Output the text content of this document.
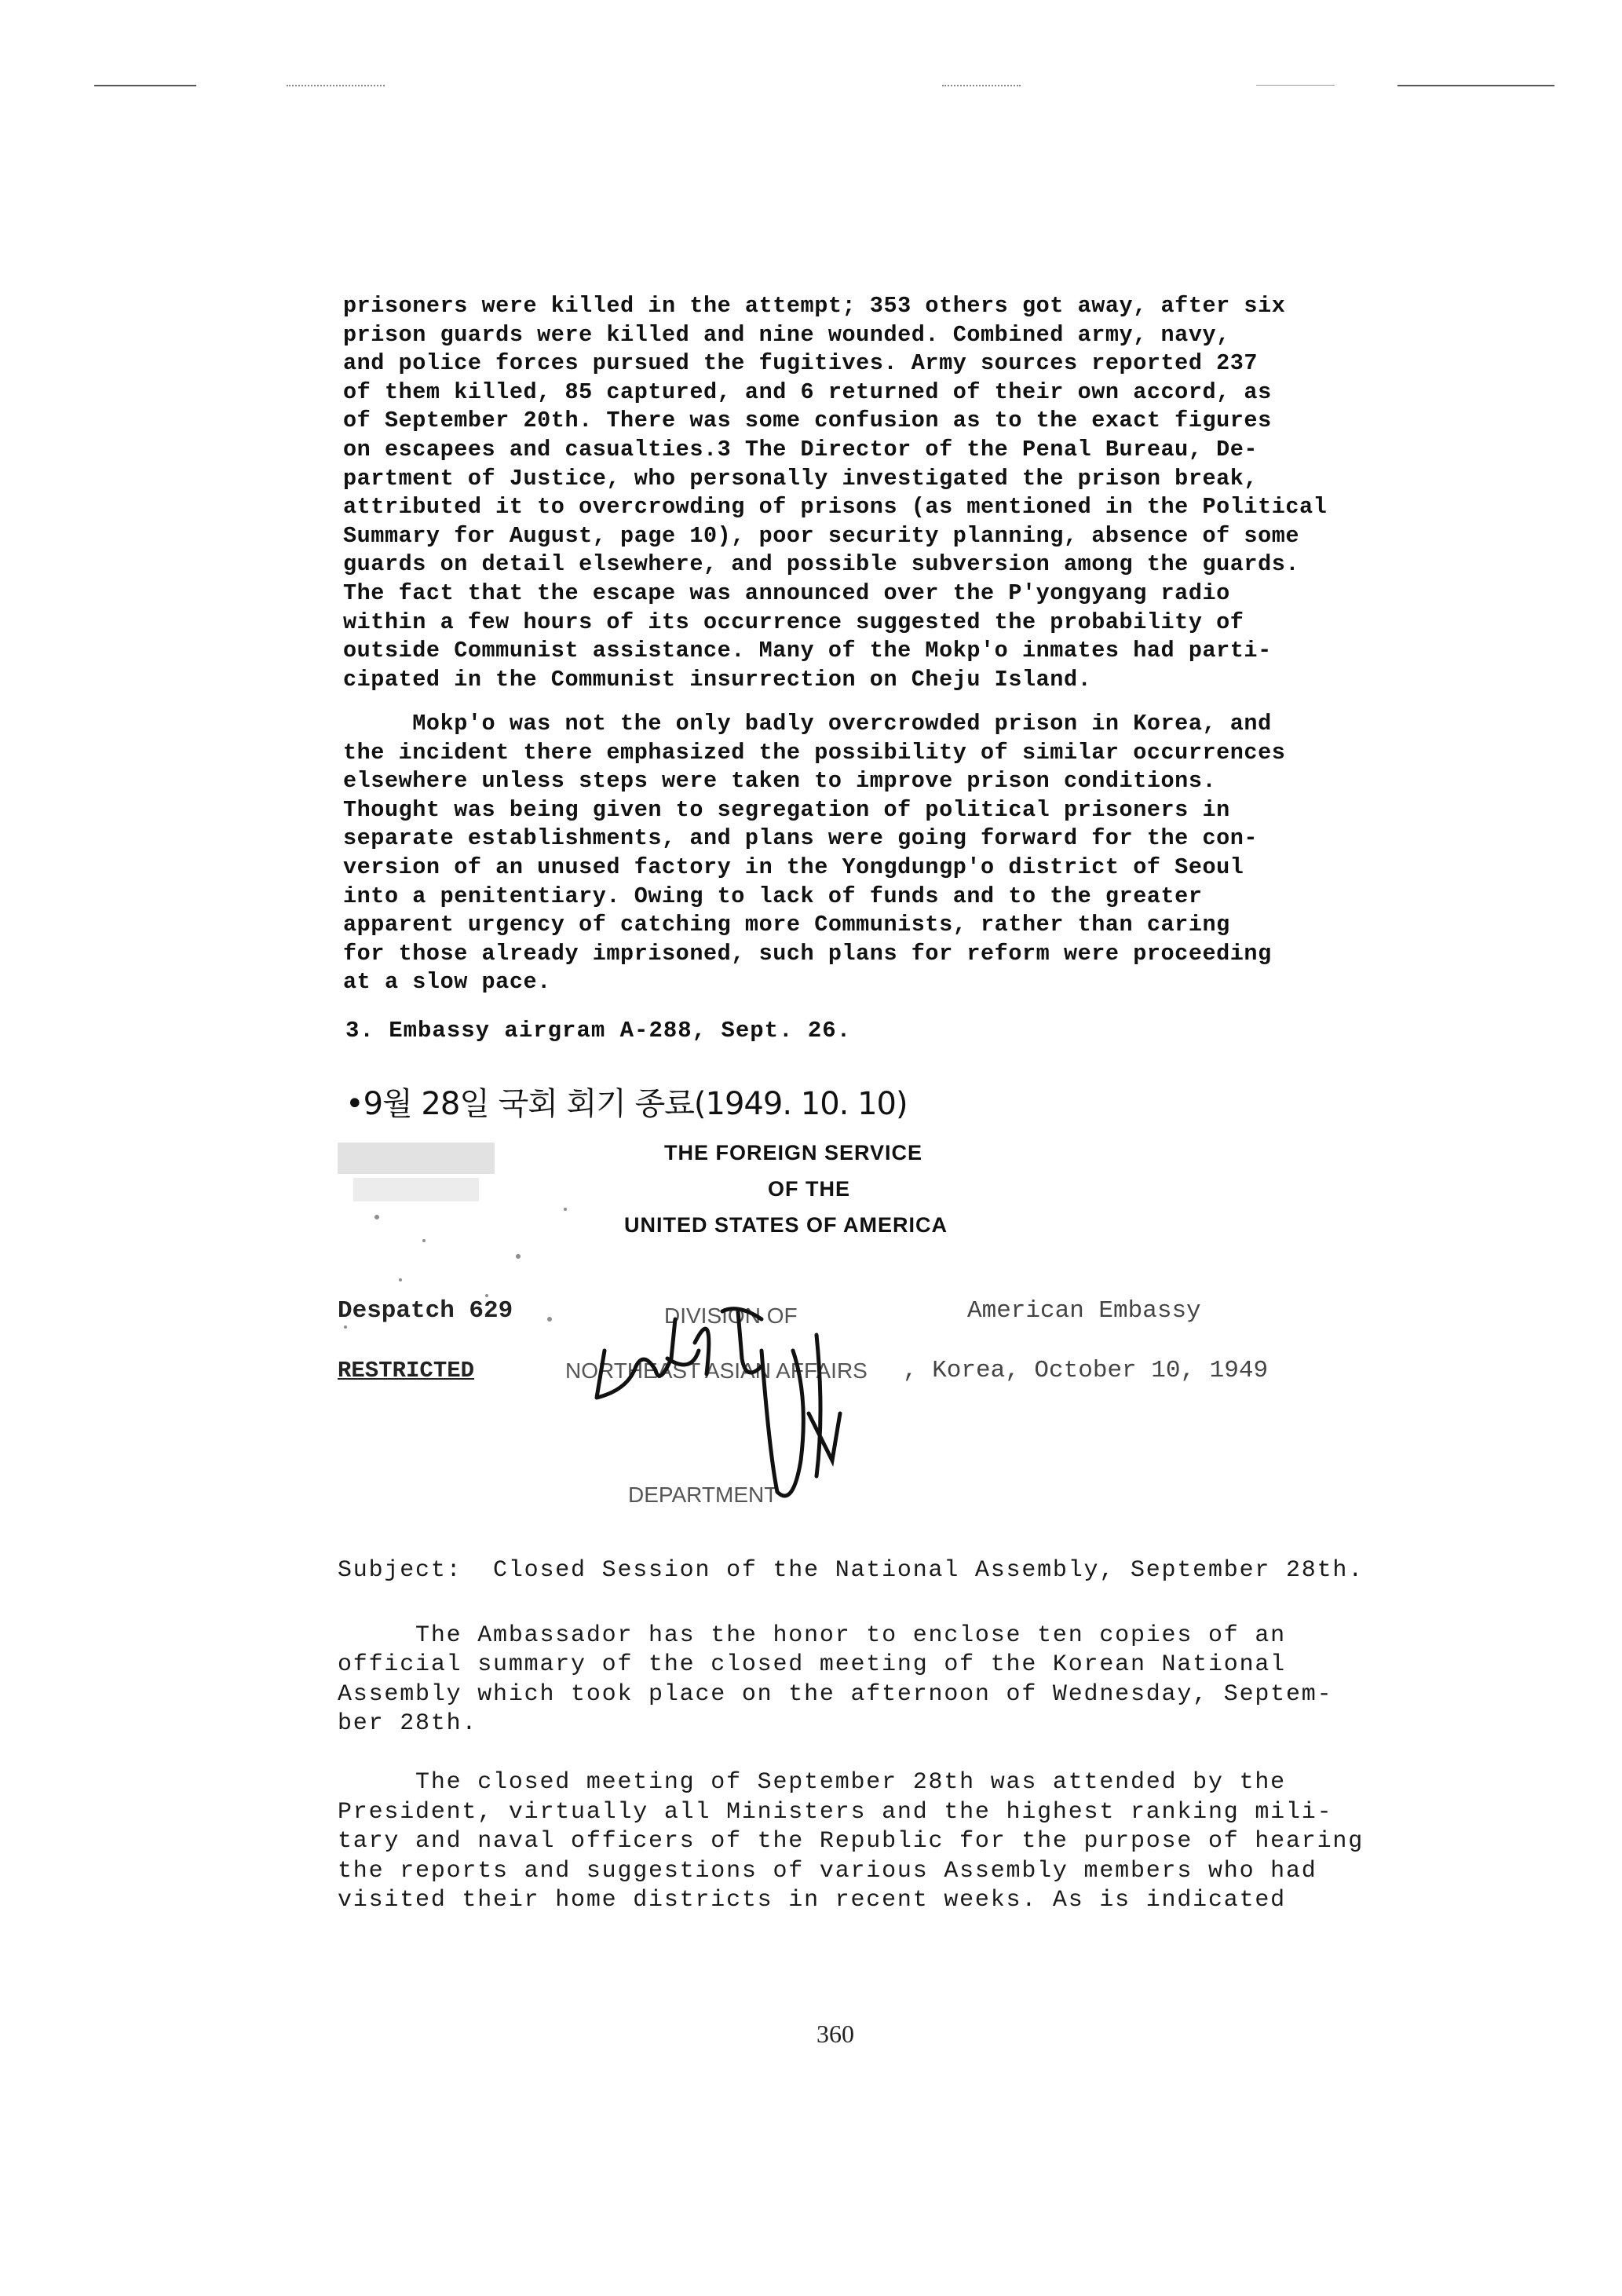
prisoners were killed in the attempt; 353 others got away, after six
prison guards were killed and nine wounded. Combined army, navy,
and police forces pursued the fugitives. Army sources reported 237
of them killed, 85 captured, and 6 returned of their own accord, as
of September 20th. There was some confusion as to the exact figures
on escapees and casualties.3 The Director of the Penal Bureau, De-
partment of Justice, who personally investigated the prison break,
attributed it to overcrowding of prisons (as mentioned in the Political
Summary for August, page 10), poor security planning, absence of some
guards on detail elsewhere, and possible subversion among the guards.
The fact that the escape was announced over the P'yongyang radio
within a few hours of its occurrence suggested the probability of
outside Communist assistance. Many of the Mokp'o inmates had parti-
cipated in the Communist insurrection on Cheju Island.
Mokp'o was not the only badly overcrowded prison in Korea, and
the incident there emphasized the possibility of similar occurrences
elsewhere unless steps were taken to improve prison conditions.
Thought was being given to segregation of political prisoners in
separate establishments, and plans were going forward for the con-
version of an unused factory in the Yongdungp'o district of Seoul
into a penitentiary. Owing to lack of funds and to the greater
apparent urgency of catching more Communists, rather than caring
for those already imprisoned, such plans for reform were proceeding
at a slow pace.
3. Embassy airgram A-288, Sept. 26.
•9월 28일 국회 회기 종료(1949. 10. 10)
THE FOREIGN SERVICE
OF THE
UNITED STATES OF AMERICA
Despatch 629
RESTRICTED
American Embassy
, Korea, October 10, 1949
DIVISION OF
NORTHEAST ASIAN AFFAIRS
DEPARTMENT
Subject:  Closed Session of the National Assembly, September 28th.
The Ambassador has the honor to enclose ten copies of an
official summary of the closed meeting of the Korean National
Assembly which took place on the afternoon of Wednesday, Septem-
ber 28th.
The closed meeting of September 28th was attended by the
President, virtually all Ministers and the highest ranking mili-
tary and naval officers of the Republic for the purpose of hearing
the reports and suggestions of various Assembly members who had
visited their home districts in recent weeks. As is indicated
360
